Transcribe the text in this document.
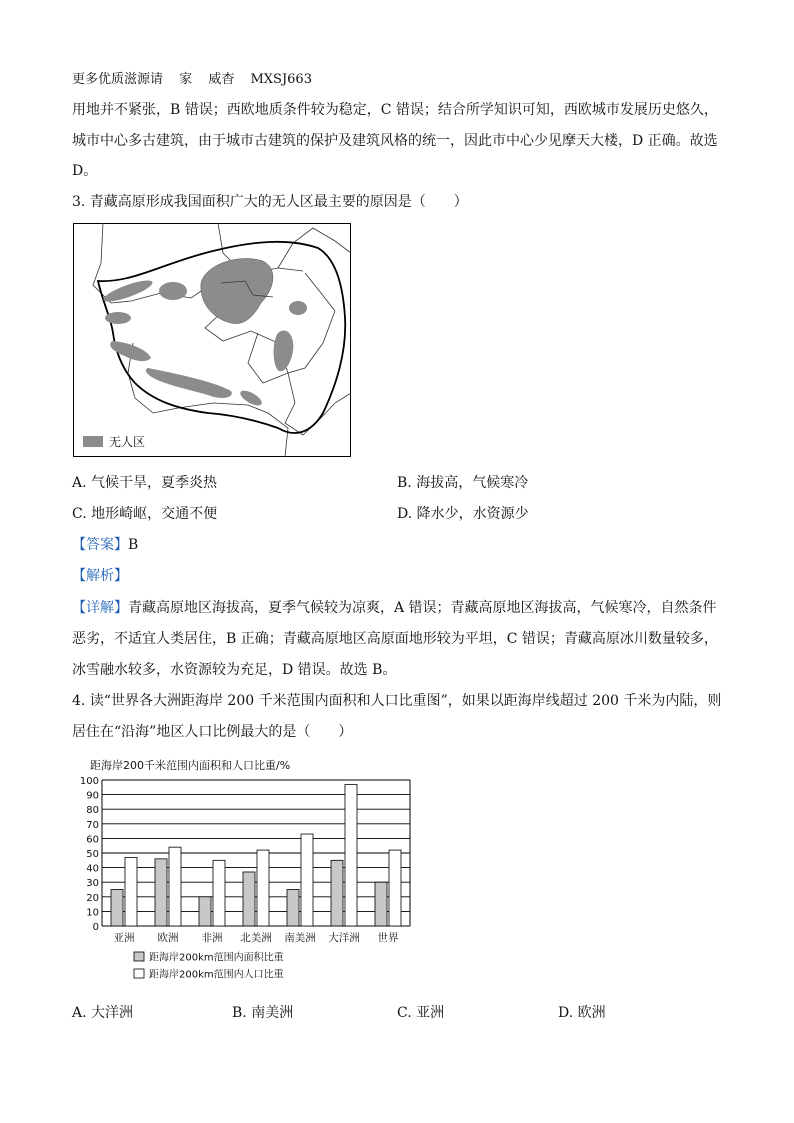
更多优质滋源请 家 威杳 MXSJ663
用地并不紧张，B 错误；西欧地质条件较为稳定，C 错误；结合所学知识可知，西欧城市发展历史悠久，
城市中心多古建筑，由于城市古建筑的保护及建筑风格的统一，因此市中心少见摩天大楼，D 正确。故选
D。
3. 青藏高原形成我国面积广大的无人区最主要的原因是（　　）
无人区
A. 气候干旱，夏季炎热	B. 海拔高，气候寒冷
C. 地形崎岖，交通不便	D. 降水少，水资源少
【答案】B
【解析】
【详解】青藏高原地区海拔高，夏季气候较为凉爽，A 错误；青藏高原地区海拔高，气候寒冷，自然条件
恶劣，不适宜人类居住，B 正确；青藏高原地区高原面地形较为平坦，C 错误；青藏高原冰川数量较多，
冰雪融水较多，水资源较为充足，D 错误。故选 B。
4. 读“世界各大洲距海岸 200 千米范围内面积和人口比重图”，如果以距海岸线超过 200 千米为内陆，则
居住在“沿海”地区人口比例最大的是（　　）
距海岸200千米范围内面积和人口比重/%
0
10
20
30
40
50
60
70
80
90
100
亚洲 欧洲 非洲 北美洲 南美洲 大洋洲 世界
距海岸200km范围内面积比重
距海岸200km范围内人口比重
A. 大洋洲	B. 南美洲	C. 亚洲	D. 欧洲
